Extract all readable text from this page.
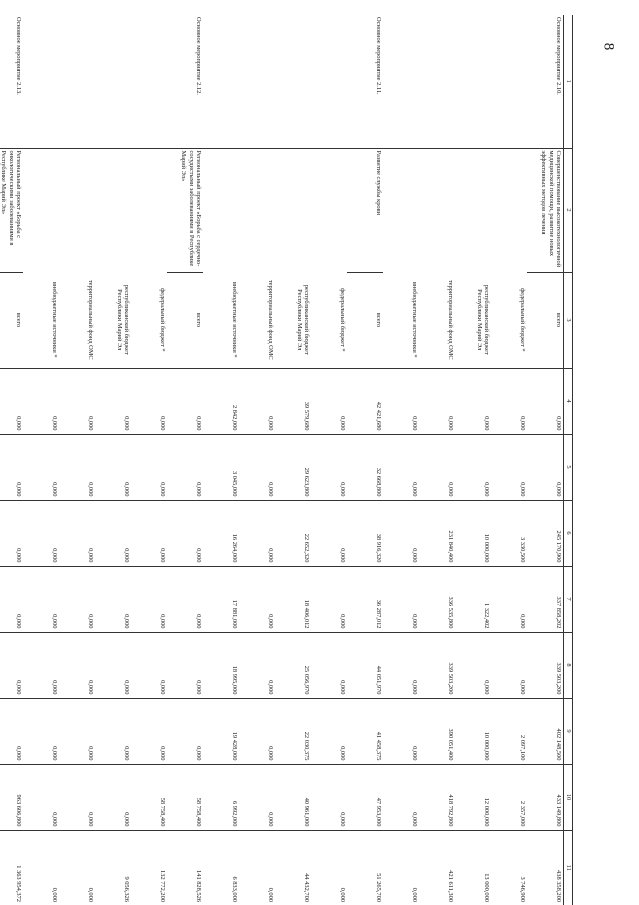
8
1	2	3	4	5	6	7	8	9	10	11
Основное мероприятие 2.10.	Совершенствование высокотехнологичной медицинской помощи, развитие новых эффективных методов лечения	всего	0,000	0,000	245 170,900	337 858,202	339 503,200	402 148,500	433 149,800	438 358,200
		федеральный бюджет *	0,000	0,000	3 330,500	0,000	0,000	2 097,100	2 357,000	3 746,900
		республиканский бюджет Республики Марий Эл	0,000	0,000	10 000,000	1 322,402	0,000	10 000,000	12 000,000	13 000,000
		территориальный фонд ОМС	0,000	0,000	231 840,400	336 535,800	339 503,200	390 051,400	418 792,800	421 611,300
		внебюджетные источники *	0,000	0,000	0,000	0,000	0,000	0,000	0,000	0,000
Основное мероприятие 2.11.	Развитие службы крови	всего	42 421,680	32 668,800	38 916,320	36 287,012	44 051,970	41 458,375	47 953,000	51 265,700
		федеральный бюджет *	0,000	0,000	0,000	0,000	0,000	0,000	0,000	0,000
		республиканский бюджет Республики Марий Эл	39 579,680	29 623,800	22 652,320	18 406,012	25 056,970	22 030,375	40 961,000	44 432,700
		территориальный фонд ОМС	0,000	0,000	0,000	0,000	0,000	0,000	0,000	0,000
		внебюджетные источники *	2 842,000	3 045,000	16 264,000	17 881,000	18 995,000	19 428,000	6 992,000	6 833,000
Основное мероприятие 2.12.	Региональный проект «Борьба с сердечно-сосудистыми заболеваниями в Республике Марий Эл»	всего	0,000	0,000	0,000	0,000	0,000	0,000	58 758,400	141 828,526
		федеральный бюджет *	0,000	0,000	0,000	0,000	0,000	0,000	58 758,400	132 772,200
		республиканский бюджет Республики Марий Эл	0,000	0,000	0,000	0,000	0,000	0,000	0,000	9 056,326
		территориальный фонд ОМС	0,000	0,000	0,000	0,000	0,000	0,000	0,000	0,000
		внебюджетные источники *	0,000	0,000	0,000	0,000	0,000	0,000	0,000	0,000
Основное мероприятие 2.13.	Региональный проект «Борьба с онкологическими заболеваниями в Республике Марий Эл»	всего	0,000	0,000	0,000	0,000	0,000	0,000	963 606,800	1 363 954,372
